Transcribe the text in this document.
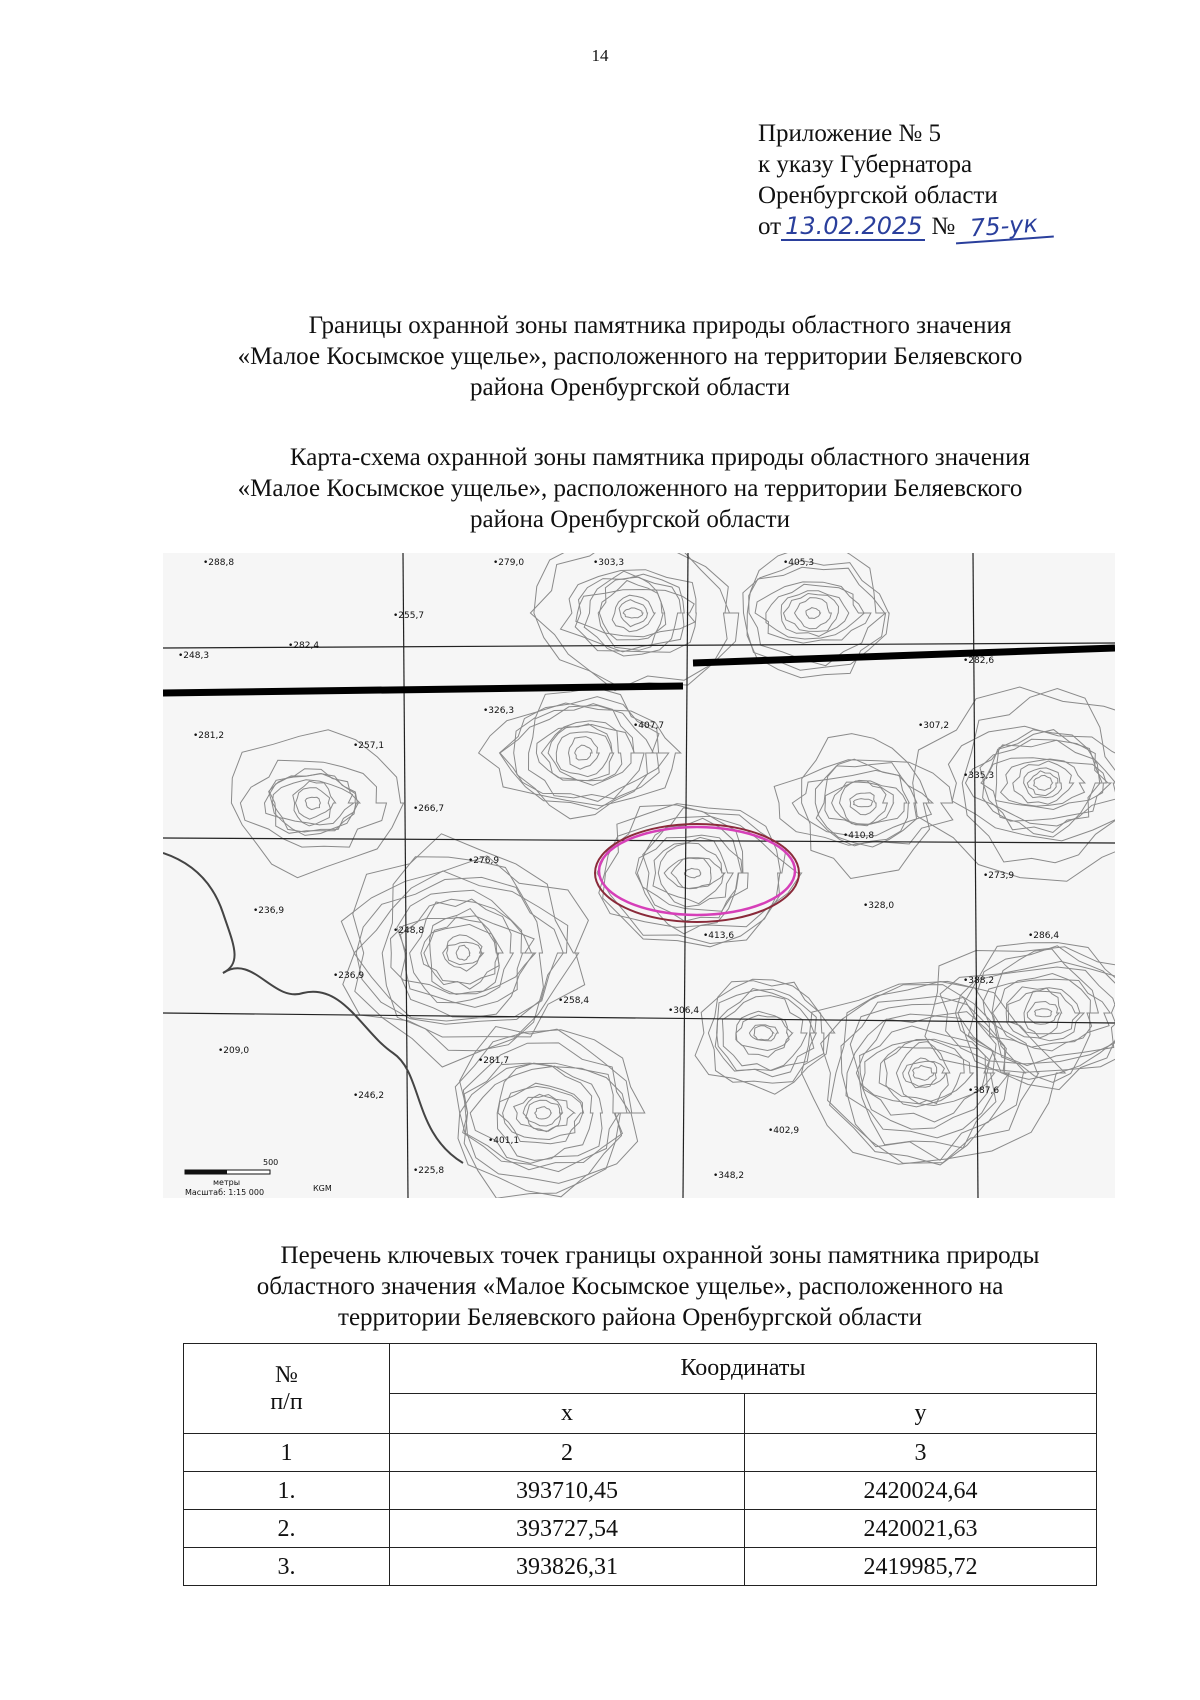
14
Приложение № 5
к указу Губернатора
Оренбургской области
от 13.02.2025 № 75-ук
Границы охранной зоны памятника природы областного значения
«Малое Косымское ущелье», расположенного на территории Беляевского
района Оренбургской области
Карта-схема охранной зоны памятника природы областного значения
«Малое Косымское ущелье», расположенного на территории Беляевского
района Оренбургской области
•288,8	•279,0	•303,3	•405,3
•255,7
•282,4
•248,3
•407,7
•326,3
•282,6
•307,2
•281,2
•257,1
•335,3
•266,7
•276,9
•410,8
•236,9
•388,2
•413,6
•328,0
•273,9
•248,8	•286,4
•236,9
•258,4
•306,4
•209,0
•281,7
•246,2
•402,9
•387,6
•225,8	•348,2
•401,1
500
метры
Масштаб: 1:15 000	КGM
Перечень ключевых точек границы охранной зоны памятника природы
областного значения «Малое Косымское ущелье», расположенного на
территории Беляевского района Оренбургской области
№
п/п	Координаты	
	x	y
1	2	3
1.	393710,45	2420024,64
2.	393727,54	2420021,63
3.	393826,31	2419985,72
